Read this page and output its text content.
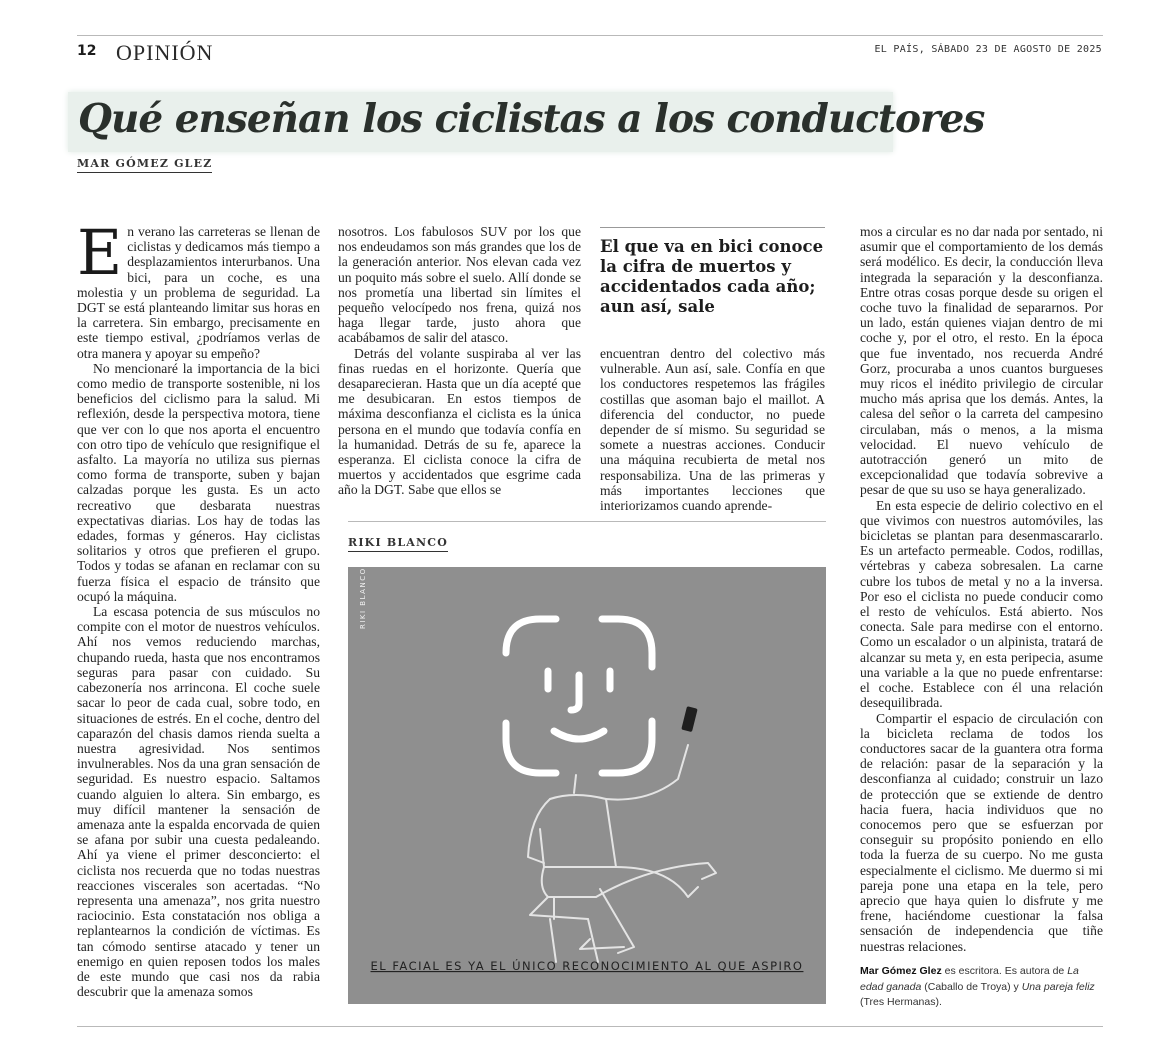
12 OPINIÓN	EL PAÍS, SÁBADO 23 DE AGOSTO DE 2025
Qué enseñan los ciclistas a los conductores
MAR GÓMEZ GLEZ
E n verano las carreteras se llenan de ciclistas y dedicamos más tiempo a desplazamientos interurbanos. Una bici, para un coche, es una molestia y un problema de seguridad. La DGT se está planteando limitar sus horas en la carretera. Sin embargo, precisamente en este tiempo estival, ¿podríamos verlas de otra manera y apoyar su empeño?

No mencionaré la importancia de la bici como medio de transporte sostenible, ni los beneficios del ciclismo para la salud. Mi reflexión, desde la perspectiva motora, tiene que ver con lo que nos aporta el encuentro con otro tipo de vehículo que resignifique el asfalto. La mayoría no utiliza sus piernas como forma de transporte, suben y bajan calzadas porque les gusta. Es un acto recreativo que desbarata nuestras expectativas diarias. Los hay de todas las edades, formas y géneros. Hay ciclistas solitarios y otros que prefieren el grupo. Todos y todas se afanan en reclamar con su fuerza física el espacio de tránsito que ocupó la máquina.

La escasa potencia de sus músculos no compite con el motor de nuestros vehículos. Ahí nos vemos reduciendo marchas, chupando rueda, hasta que nos encontramos seguras para pasar con cuidado. Su cabezonería nos arrincona. El coche suele sacar lo peor de cada cual, sobre todo, en situaciones de estrés. En el coche, dentro del caparazón del chasis damos rienda suelta a nuestra agresividad. Nos sentimos invulnerables. Nos da una gran sensación de seguridad. Es nuestro espacio. Saltamos cuando alguien lo altera. Sin embargo, es muy difícil mantener la sensación de amenaza ante la espalda encorvada de quien se afana por subir una cuesta pedaleando. Ahí ya viene el primer desconcierto: el ciclista nos recuerda que no todas nuestras reacciones viscerales son acertadas. “No representa una amenaza”, nos grita nuestro raciocinio. Esta constatación nos obliga a replantearnos la condición de víctimas. Es tan cómodo sentirse atacado y tener un enemigo en quien reposen todos los males de este mundo que casi nos da rabia descubrir que la amenaza somos

nosotros. Los fabulosos SUV por los que nos endeudamos son más grandes que los de la generación anterior. Nos elevan cada vez un poquito más sobre el suelo. Allí donde se nos prometía una libertad sin límites el pequeño velocípedo nos frena, quizá nos haga llegar tarde, justo ahora que acabábamos de salir del atasco.

Detrás del volante suspiraba al ver las finas ruedas en el horizonte. Quería que desaparecieran. Hasta que un día acepté que me desubicaran. En estos tiempos de máxima desconfianza el ciclista es la única persona en el mundo que todavía confía en la humanidad. Detrás de su fe, aparece la esperanza. El ciclista conoce la cifra de muertos y accidentados que esgrime cada año la DGT. Sabe que ellos se

El que va en bici conoce la cifra de muertos y accidentados cada año; aun así, sale

encuentran dentro del colectivo más vulnerable. Aun así, sale. Confía en que los conductores respetemos las frágiles costillas que asoman bajo el maillot. A diferencia del conductor, no puede depender de sí mismo. Su seguridad se somete a nuestras acciones. Conducir una máquina recubierta de metal nos responsabiliza. Una de las primeras y más importantes lecciones que interiorizamos cuando aprende-

RIKI BLANCO
RIKI BLANCO
EL FACIAL ES YA EL ÚNICO RECONOCIMIENTO AL QUE ASPIRO

mos a circular es no dar nada por sentado, ni asumir que el comportamiento de los demás será modélico. Es decir, la conducción lleva integrada la separación y la desconfianza. Entre otras cosas porque desde su origen el coche tuvo la finalidad de separarnos. Por un lado, están quienes viajan dentro de mi coche y, por el otro, el resto. En la época que fue inventado, nos recuerda André Gorz, procuraba a unos cuantos burgueses muy ricos el inédito privilegio de circular mucho más aprisa que los demás. Antes, la calesa del señor o la carreta del campesino circulaban, más o menos, a la misma velocidad. El nuevo vehículo de autotracción generó un mito de excepcionalidad que todavía sobrevive a pesar de que su uso se haya generalizado.

En esta especie de delirio colectivo en el que vivimos con nuestros automóviles, las bicicletas se plantan para desenmascararlo. Es un artefacto permeable. Codos, rodillas, vértebras y cabeza sobresalen. La carne cubre los tubos de metal y no a la inversa. Por eso el ciclista no puede conducir como el resto de vehículos. Está abierto. Nos conecta. Sale para medirse con el entorno. Como un escalador o un alpinista, tratará de alcanzar su meta y, en esta peripecia, asume una variable a la que no puede enfrentarse: el coche. Establece con él una relación desequilibrada.

Compartir el espacio de circulación con la bicicleta reclama de todos los conductores sacar de la guantera otra forma de relación: pasar de la separación y la desconfianza al cuidado; construir un lazo de protección que se extiende de dentro hacia fuera, hacia individuos que no conocemos pero que se esfuerzan por conseguir su propósito poniendo en ello toda la fuerza de su cuerpo. No me gusta especialmente el ciclismo. Me duermo si mi pareja pone una etapa en la tele, pero aprecio que haya quien lo disfrute y me frene, haciéndome cuestionar la falsa sensación de independencia que tiñe nuestras relaciones.

Mar Gómez Glez es escritora. Es autora de La edad ganada (Caballo de Troya) y Una pareja feliz (Tres Hermanas).
